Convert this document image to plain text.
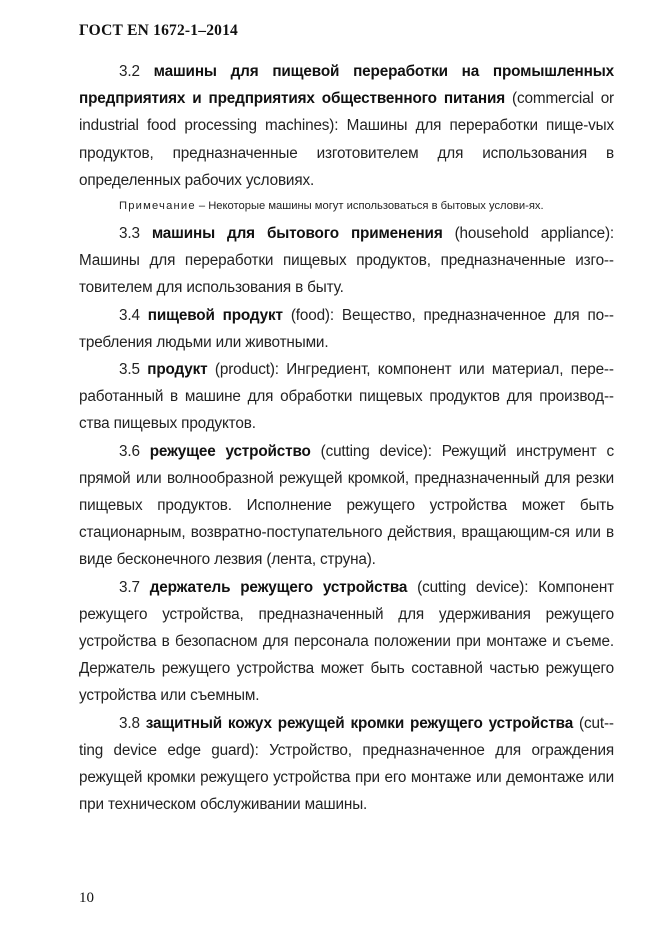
ГОСТ EN 1672-1–2014

3.2 машины для пищевой переработки на промышленных предприятиях и предприятиях общественного питания (commercial or industrial food processing machines): Машины для переработки пище-vых продуктов, предназначенные изготовителем для использования в определенных рабочих условиях.

Примечание – Некоторые машины могут использоваться в бытовых услови-ях.

3.3 машины для бытового применения (household appliance): Машины для переработки пищевых продуктов, предназначенные изго-товителем для использования в быту.

3.4 пищевой продукт (food): Вещество, предназначенное для по-требления людьми или животными.

3.5 продукт (product): Ингредиент, компонент или материал, пере-работанный в машине для обработки пищевых продуктов для производ-ства пищевых продуктов.

3.6 режущее устройство (cutting device): Режущий инструмент с прямой или волнообразной режущей кромкой, предназначенный для резки пищевых продуктов. Исполнение режущего устройства может быть стационарным, возвратно-поступательного действия, вращающим-ся или в виде бесконечного лезвия (лента, струна).

3.7 держатель режущего устройства (cutting device): Компонент режущего устройства, предназначенный для удерживания режущего устройства в безопасном для персонала положении при монтаже и съеме. Держатель режущего устройства может быть составной частью режущего устройства или съемным.

3.8 защитный кожух режущей кромки режущего устройства (cut-ting device edge guard): Устройство, предназначенное для ограждения режущей кромки режущего устройства при его монтаже или демонтаже или при техническом обслуживании машины.

10
